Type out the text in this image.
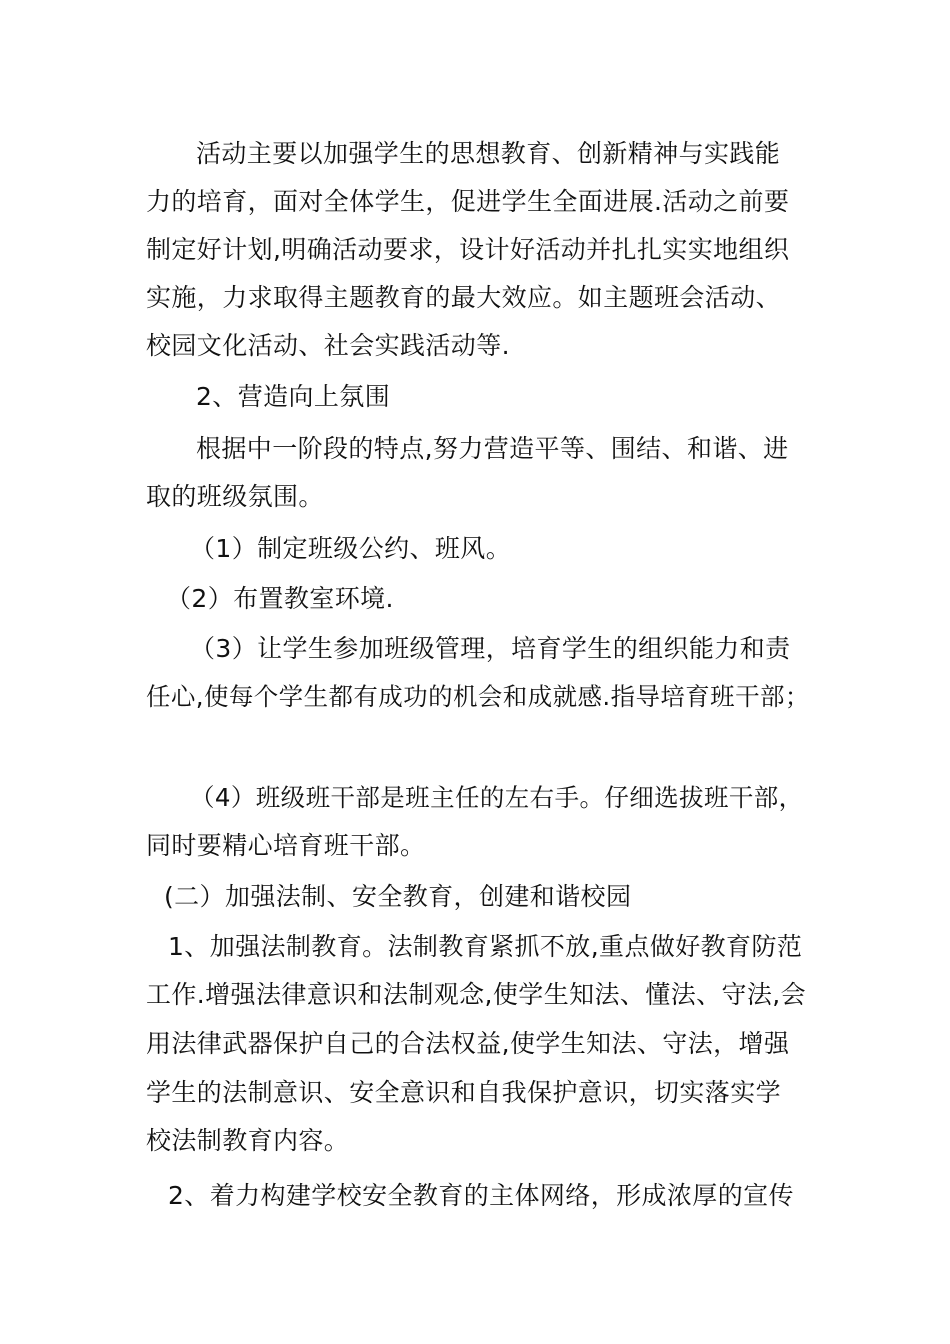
活动主要以加强学生的思想教育、创新精神与实践能

力的培育，面对全体学生，促进学生全面进展.活动之前要

制定好计划,明确活动要求，设计好活动并扎扎实实地组织

实施，力求取得主题教育的最大效应。如主题班会活动、

校园文化活动、社会实践活动等.

2、营造向上氛围

根据中一阶段的特点,努力营造平等、围结、和谐、进

取的班级氛围。

（1）制定班级公约、班风。

（2）布置教室环境.

（3）让学生参加班级管理，培育学生的组织能力和责

任心,使每个学生都有成功的机会和成就感.指导培育班干部；

（4）班级班干部是班主任的左右手。仔细选拔班干部，

同时要精心培育班干部。

(二）加强法制、安全教育，创建和谐校园

1、加强法制教育。法制教育紧抓不放,重点做好教育防范

工作.增强法律意识和法制观念,使学生知法、懂法、守法,会

用法律武器保护自己的合法权益,使学生知法、守法，增强

学生的法制意识、安全意识和自我保护意识，切实落实学

校法制教育内容。

2、着力构建学校安全教育的主体网络，形成浓厚的宣传
